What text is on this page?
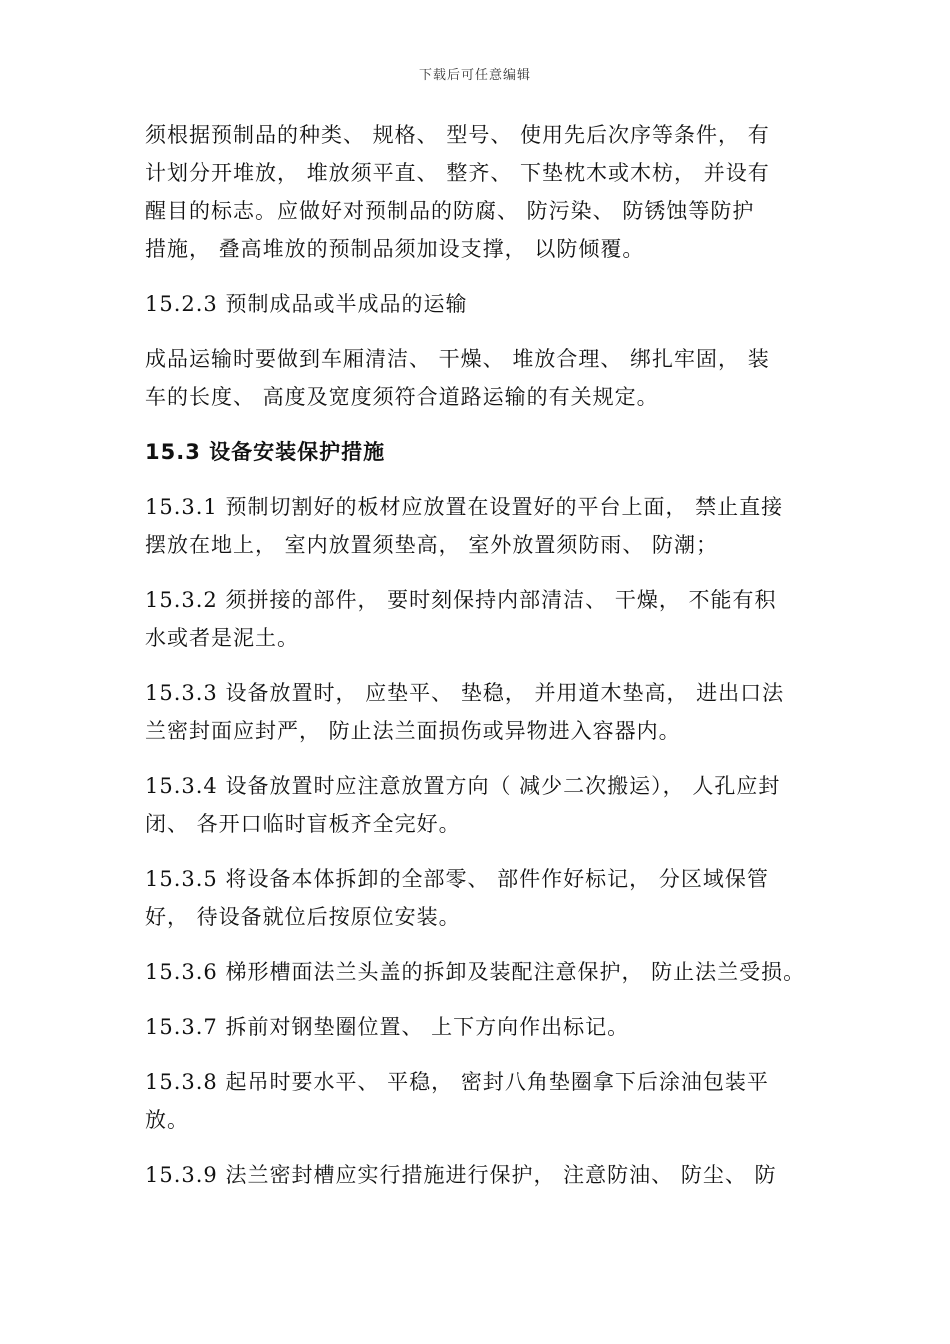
下载后可任意编辑
须根据预制品的种类、 规格、 型号、 使用先后次序等条件， 有
计划分开堆放， 堆放须平直、 整齐、 下垫枕木或木枋， 并设有
醒目的标志。应做好对预制品的防腐、 防污染、 防锈蚀等防护
措施， 叠高堆放的预制品须加设支撑， 以防倾覆。
15.2.3 预制成品或半成品的运输
成品运输时要做到车厢清洁、 干燥、 堆放合理、 绑扎牢固， 装
车的长度、 高度及宽度须符合道路运输的有关规定。
15.3 设备安装保护措施
15.3.1 预制切割好的板材应放置在设置好的平台上面， 禁止直接
摆放在地上， 室内放置须垫高， 室外放置须防雨、 防潮；
15.3.2 须拼接的部件， 要时刻保持内部清洁、 干燥， 不能有积
水或者是泥土。
15.3.3 设备放置时， 应垫平、 垫稳， 并用道木垫高， 进出口法
兰密封面应封严， 防止法兰面损伤或异物进入容器内。
15.3.4 设备放置时应注意放置方向（ 减少二次搬运）， 人孔应封
闭、 各开口临时盲板齐全完好。
15.3.5 将设备本体拆卸的全部零、 部件作好标记， 分区域保管
好， 待设备就位后按原位安装。
15.3.6 梯形槽面法兰头盖的拆卸及装配注意保护， 防止法兰受损。
15.3.7 拆前对钢垫圈位置、 上下方向作出标记。
15.3.8 起吊时要水平、 平稳， 密封八角垫圈拿下后涂油包装平
放。
15.3.9 法兰密封槽应实行措施进行保护， 注意防油、 防尘、 防
